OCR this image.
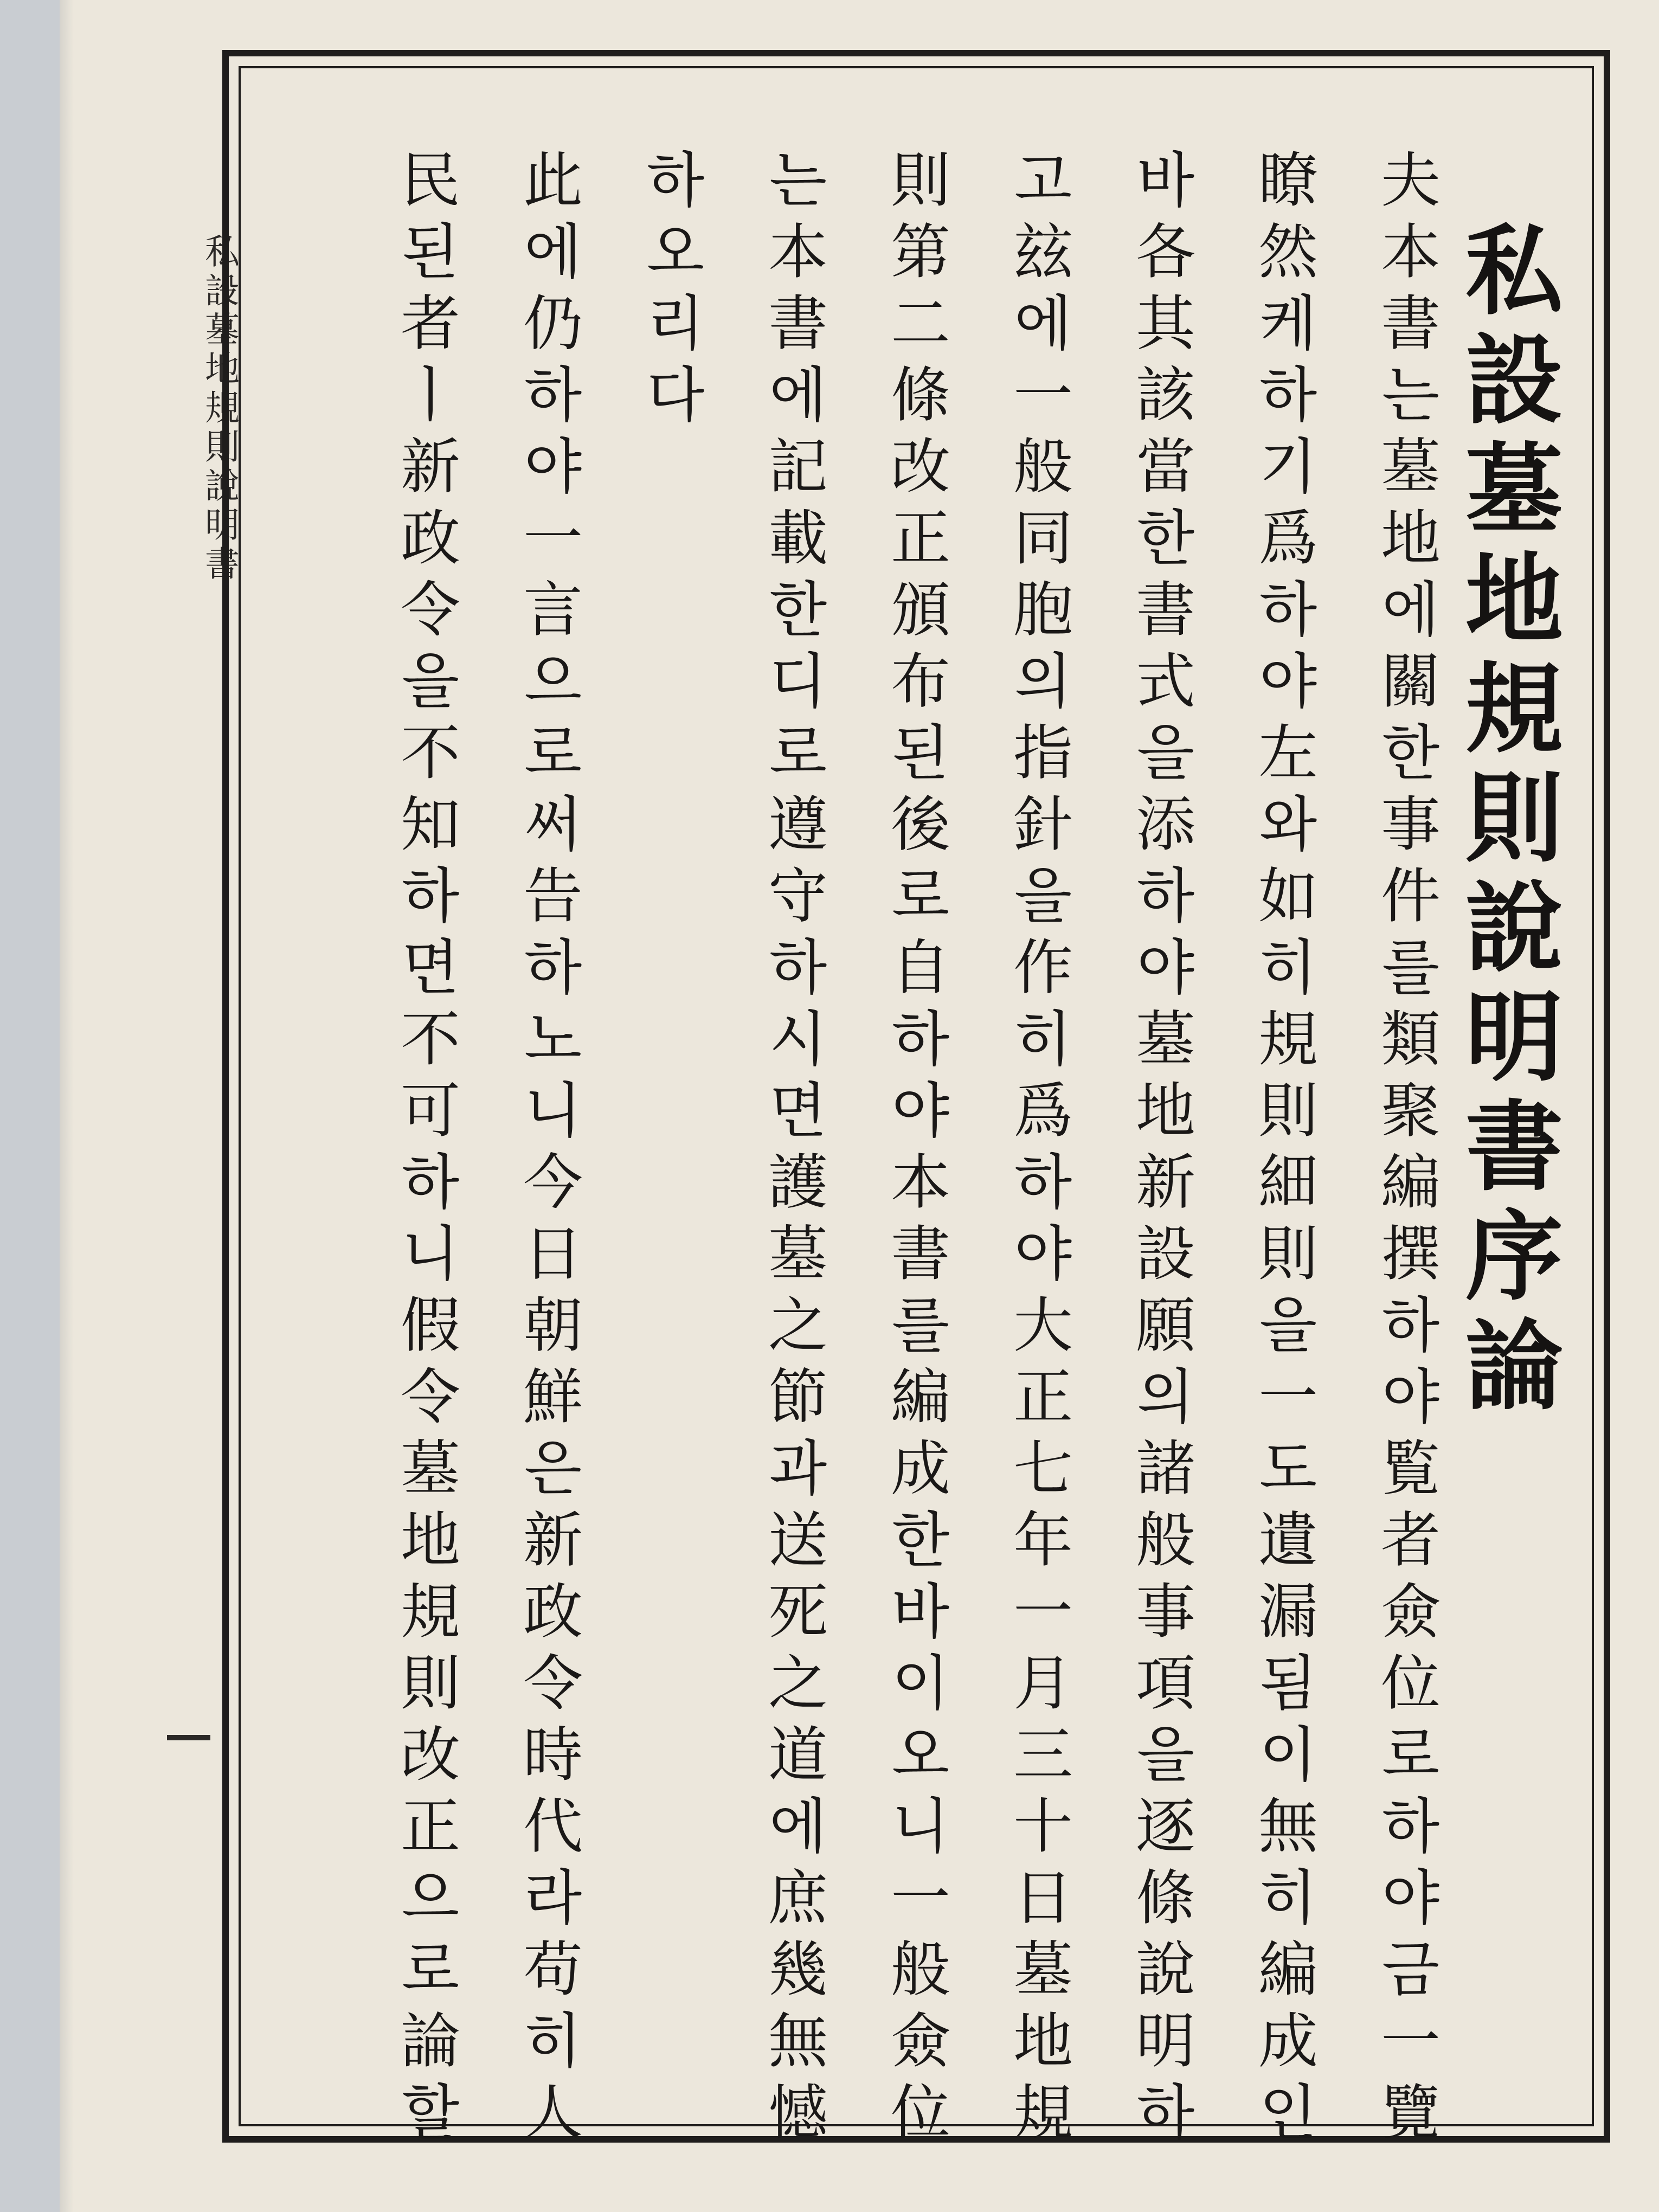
私設墓地規則說明書	私設墓地規則說明書序論
夫本書는墓地에關한事件를類聚編撰하야覧者僉位로하야금一覽
瞭然케하기爲하야左와如히規則細則을一도遺漏됨이無히編成인
바各其該當한書式을添하야墓地新設願의諸般事項을逐條說明하
고玆에一般同胞의指針을作히爲하야大正七年一月三十日墓地規
則第二條改正頒布된後로自하야本書를編成한바이오니一般僉位
는本書에記載한디로遵守하시면護墓之節과送死之道에庶幾無憾
하오리다
此에仍하야一言으로써告하노니今日朝鮮은新政令時代라苟히人
民된者ㅣ新政令을不知하면不可하니假令墓地規則改正으로論할
